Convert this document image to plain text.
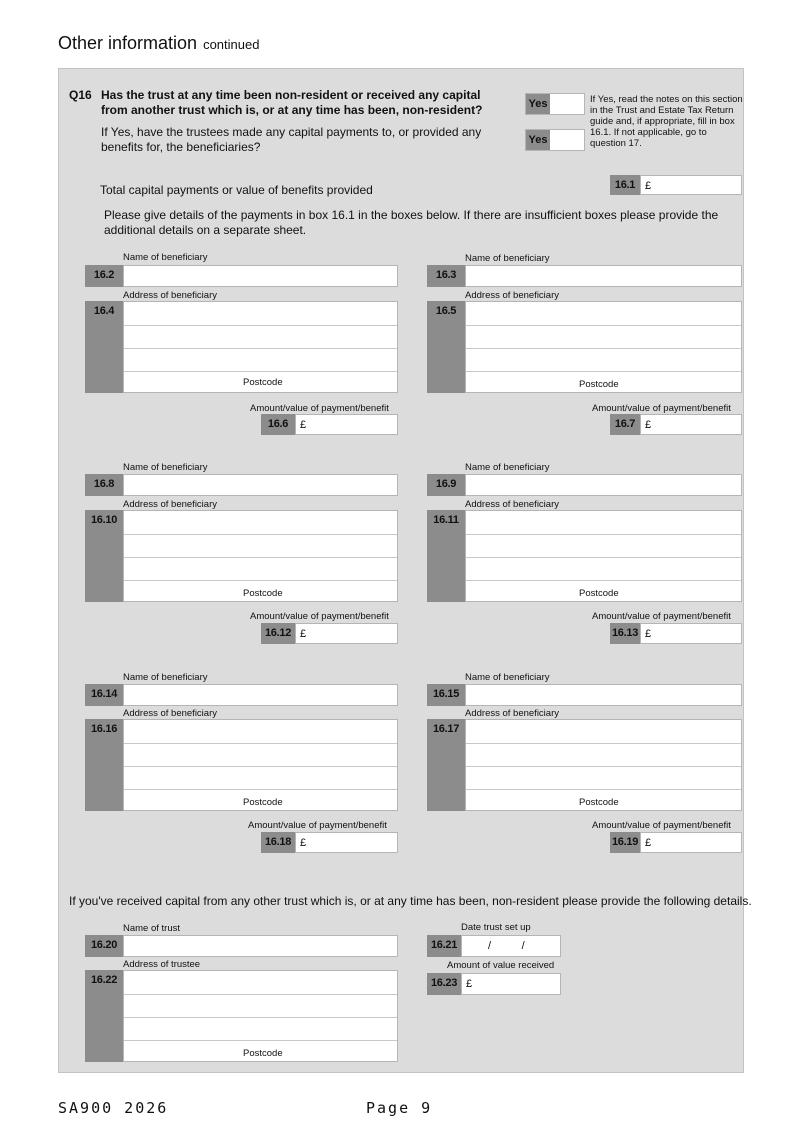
Other information continued
Q16 Has the trust at any time been non-resident or received any capital from another trust which is, or at any time has been, non-resident?
If Yes, have the trustees made any capital payments to, or provided any benefits for, the beneficiaries?
Yes
Yes
If Yes, read the notes on this section in the Trust and Estate Tax Return guide and, if appropriate, fill in box 16.1. If not applicable, go to question 17.
Total capital payments or value of benefits provided	16.1 £
Please give details of the payments in box 16.1 in the boxes below. If there are insufficient boxes please provide the additional details on a separate sheet.
Name of beneficiary
16.2
Address of beneficiary
16.4
Postcode
Amount/value of payment/benefit
16.6	£
Name of beneficiary
16.3
Address of beneficiary
16.5
Postcode
Amount/value of payment/benefit
16.7 £
Name of beneficiary
16.8
Address of beneficiary
16.10
Postcode
Amount/value of payment/benefit
16.12 £
Name of beneficiary
16.9
Address of beneficiary
16.11
Postcode
Amount/value of payment/benefit
16.13 £
Name of beneficiary
16.14
Address of beneficiary
16.16
Postcode
Amount/value of payment/benefit
16.18 £
Name of beneficiary
16.15
Address of beneficiary
16.17
Postcode
Amount/value of payment/benefit
16.19 £
If you've received capital from any other trust which is, or at any time has been, non-resident please provide the following details.
Name of trust
16.20
Address of trustee
16.22
Postcode
Date trust set up
16.21	/          /
Amount of value received
16.23 £
SA900 2026	Page 9
